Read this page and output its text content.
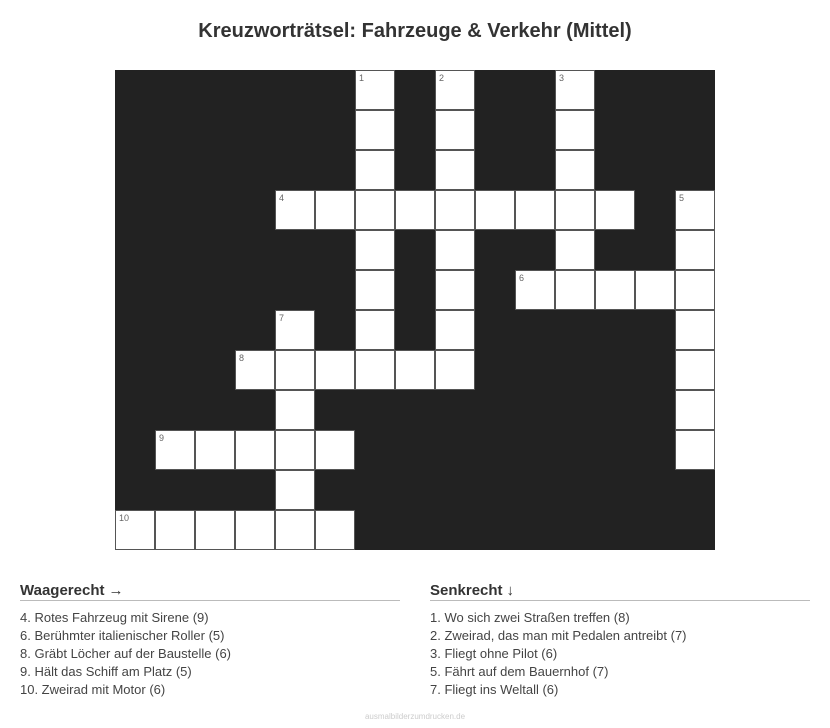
Kreuzworträtsel: Fahrzeuge & Verkehr (Mittel)
1	2	3
4	5
6
7
8
9
10
Waagerecht →
4. Rotes Fahrzeug mit Sirene (9)
6. Berühmter italienischer Roller (5)
8. Gräbt Löcher auf der Baustelle (6)
9. Hält das Schiff am Platz (5)
10. Zweirad mit Motor (6)
Senkrecht ↓
1. Wo sich zwei Straßen treffen (8)
2. Zweirad, das man mit Pedalen antreibt (7)
3. Fliegt ohne Pilot (6)
5. Fährt auf dem Bauernhof (7)
7. Fliegt ins Weltall (6)
ausmalbilderzumdrucken.de
